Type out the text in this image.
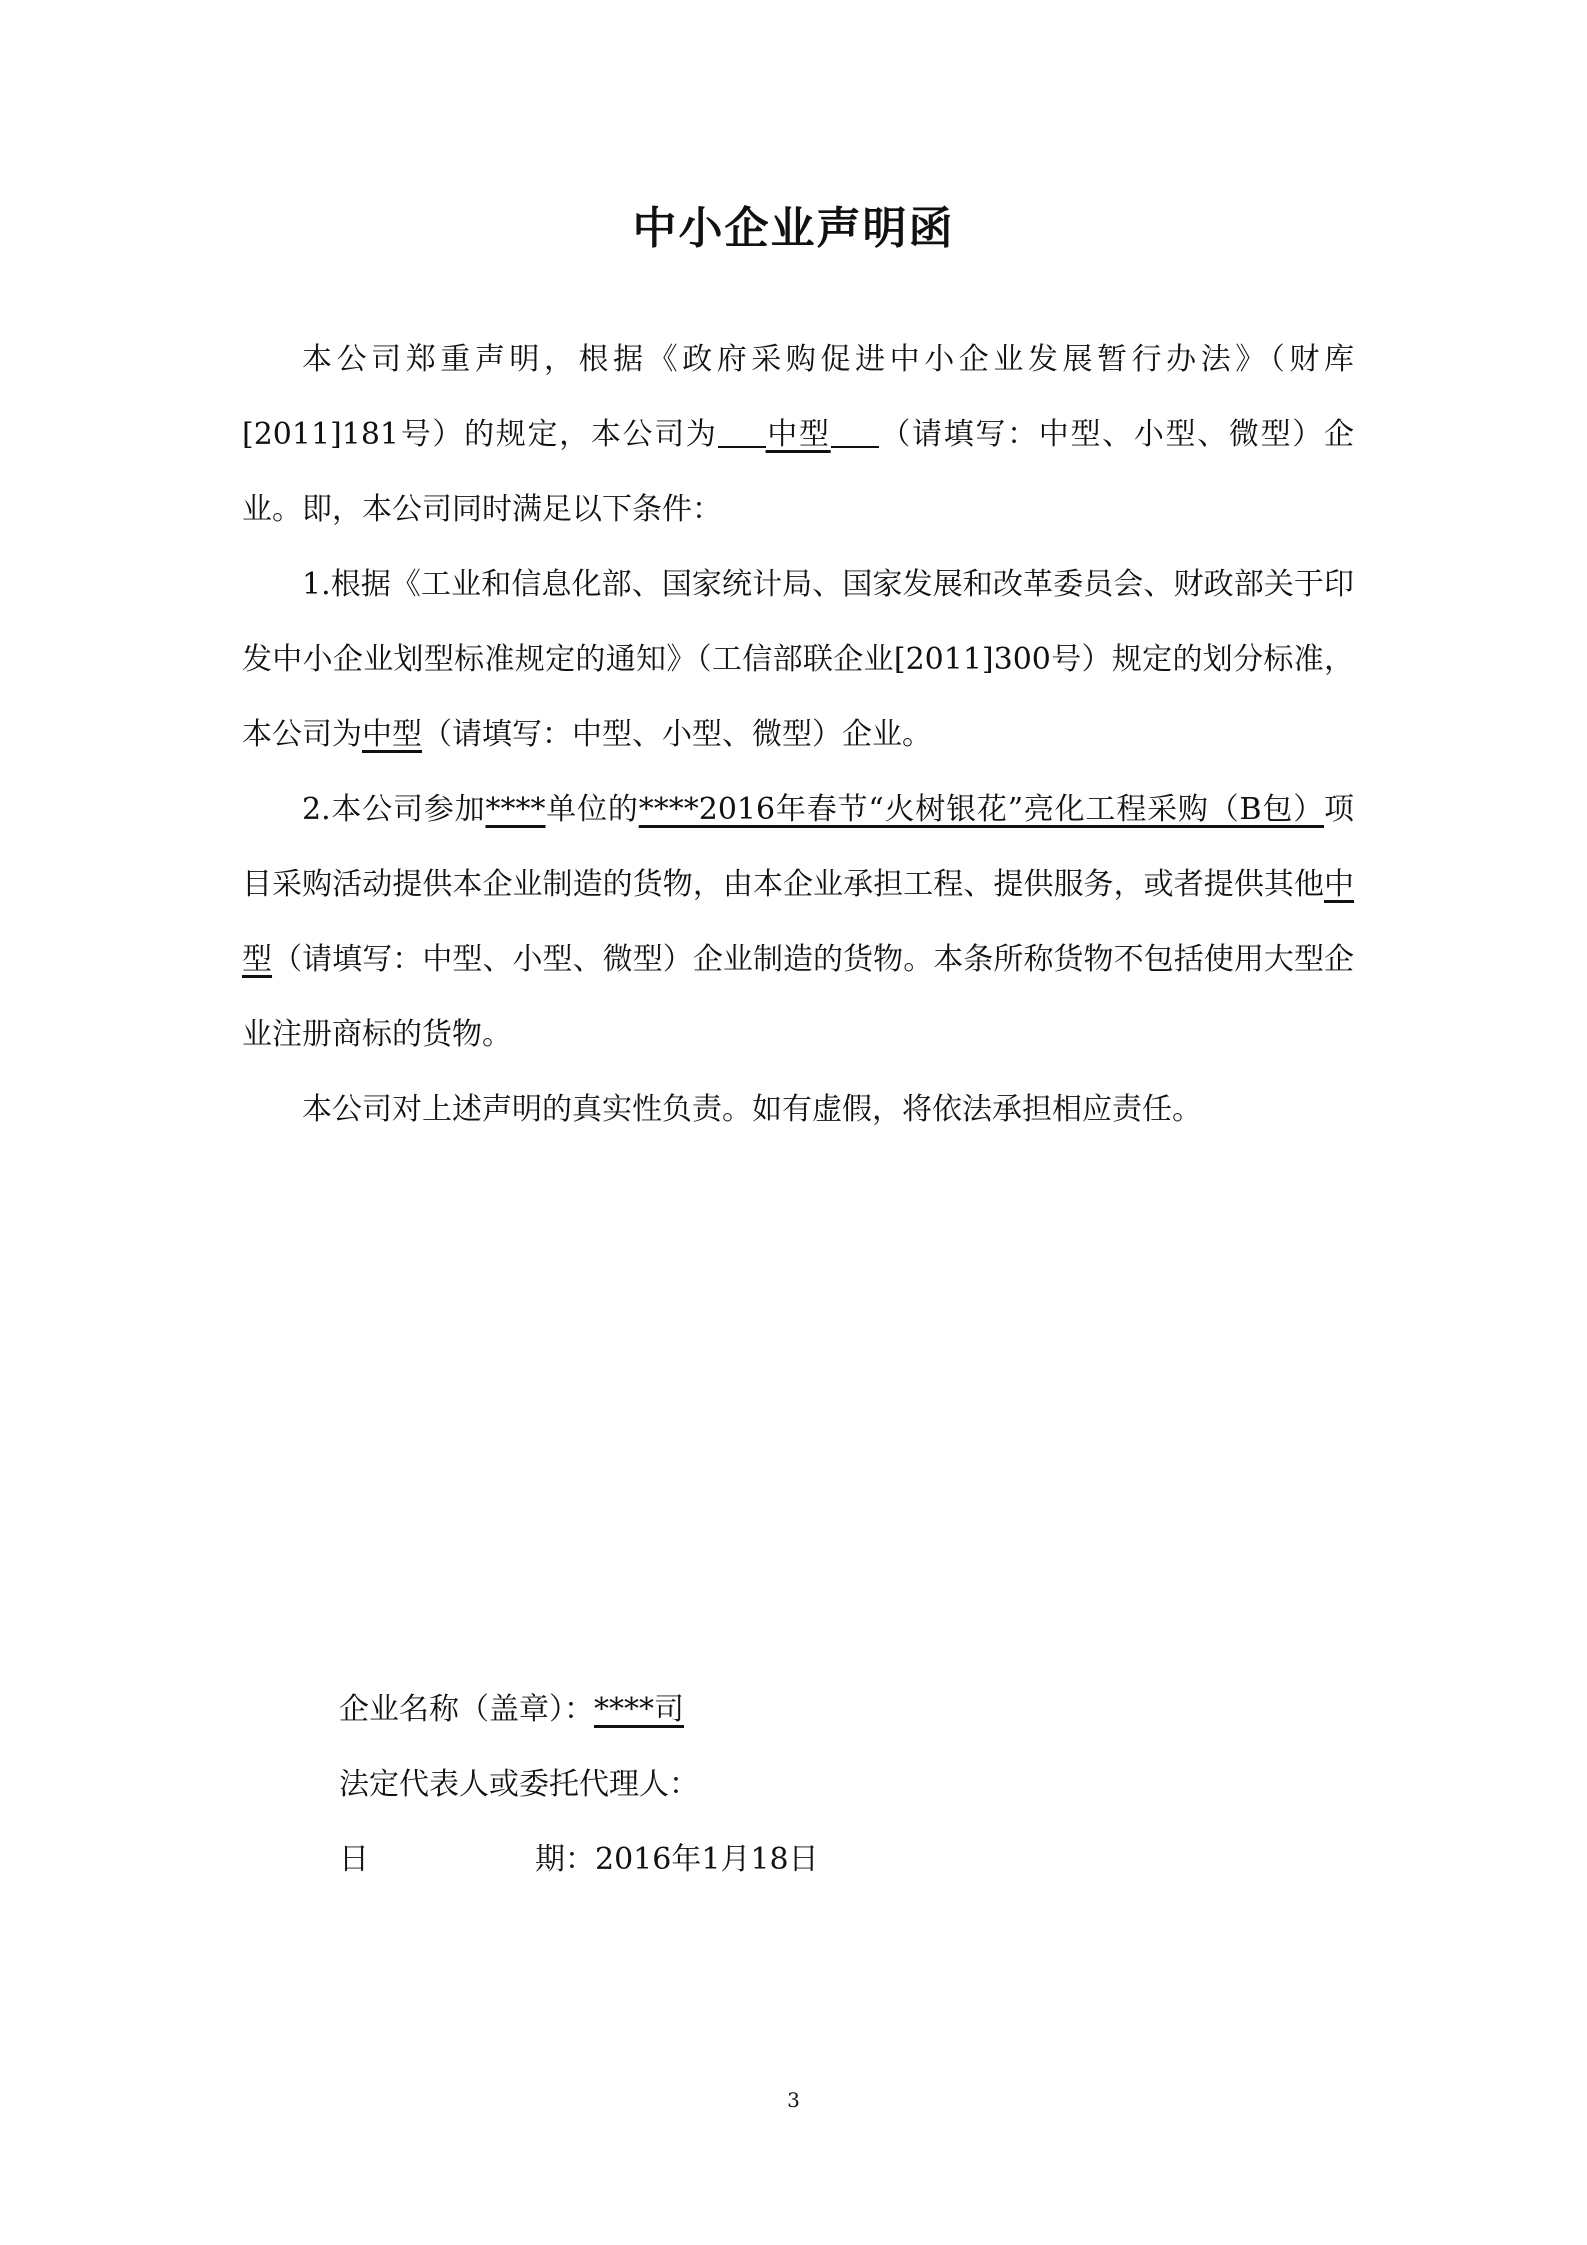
中小企业声明函

本公司郑重声明，根据《政府采购促进中小企业发展暂行办法》（财库[2011]181号）的规定，本公司为 中型 （请填写：中型、小型、微型）企业。即，本公司同时满足以下条件：

1.根据《工业和信息化部、国家统计局、国家发展和改革委员会、财政部关于印发中小企业划型标准规定的通知》（工信部联企业[2011]300号）规定的划分标准，本公司为中型（请填写：中型、小型、微型）企业。

2.本公司参加****单位的****2016年春节“火树银花”亮化工程采购（B包）项目采购活动提供本企业制造的货物，由本企业承担工程、提供服务，或者提供其他中型（请填写：中型、小型、微型）企业制造的货物。本条所称货物不包括使用大型企业注册商标的货物。

本公司对上述声明的真实性负责。如有虚假，将依法承担相应责任。

企业名称（盖章）：****司
法定代表人或委托代理人：
日	期：2016年1月18日
3
